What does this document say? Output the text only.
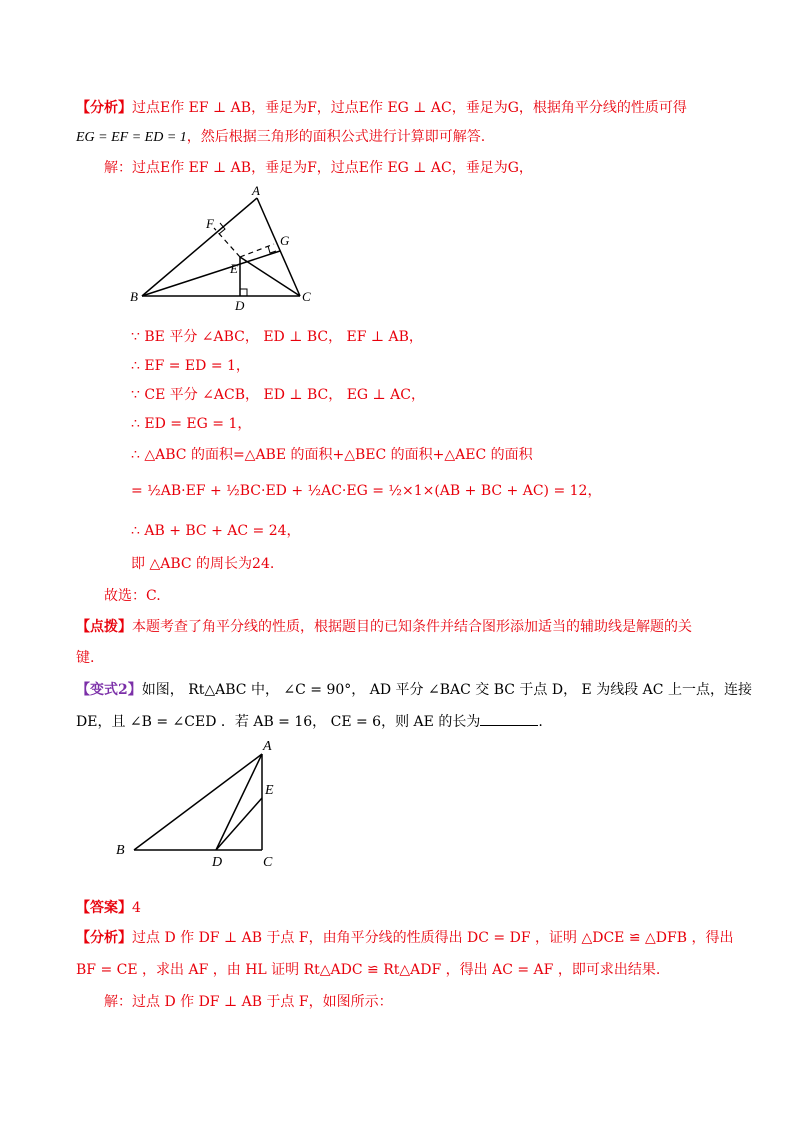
【分析】过点E作 EF ⊥ AB，垂足为F，过点E作 EG ⊥ AC，垂足为G，根据角平分线的性质可得
EG = EF = ED = 1，然后根据三角形的面积公式进行计算即可解答.
解：过点E作 EF ⊥ AB，垂足为F，过点E作 EG ⊥ AC，垂足为G，
A
F
G
E
B
D
C
∵ BE 平分 ∠ABC， ED ⊥ BC， EF ⊥ AB，
∴ EF = ED = 1，
∵ CE 平分 ∠ACB， ED ⊥ BC， EG ⊥ AC，
∴ ED = EG = 1，
∴ △ABC 的面积=△ABE 的面积+△BEC 的面积+△AEC 的面积
= ½AB·EF + ½BC·ED + ½AC·EG = ½×1×(AB + BC + AC) = 12，
∴ AB + BC + AC = 24，
即 △ABC 的周长为24.
故选：C.
【点拨】本题考查了角平分线的性质，根据题目的已知条件并结合图形添加适当的辅助线是解题的关
键.
【变式2】如图， Rt△ABC 中， ∠C = 90°， AD 平分 ∠BAC 交 BC 于点 D， E 为线段 AC 上一点，连接
DE，且 ∠B = ∠CED ．若 AB = 16， CE = 6，则 AE 的长为	.
A
E
B
D	C
【答案】4
【分析】过点 D 作 DF ⊥ AB 于点 F，由角平分线的性质得出 DC = DF ，证明 △DCE ≌ △DFB ，得出
BF = CE ，求出 AF ，由 HL 证明 Rt△ADC ≌ Rt△ADF ，得出 AC = AF ，即可求出结果.
解：过点 D 作 DF ⊥ AB 于点 F，如图所示：
